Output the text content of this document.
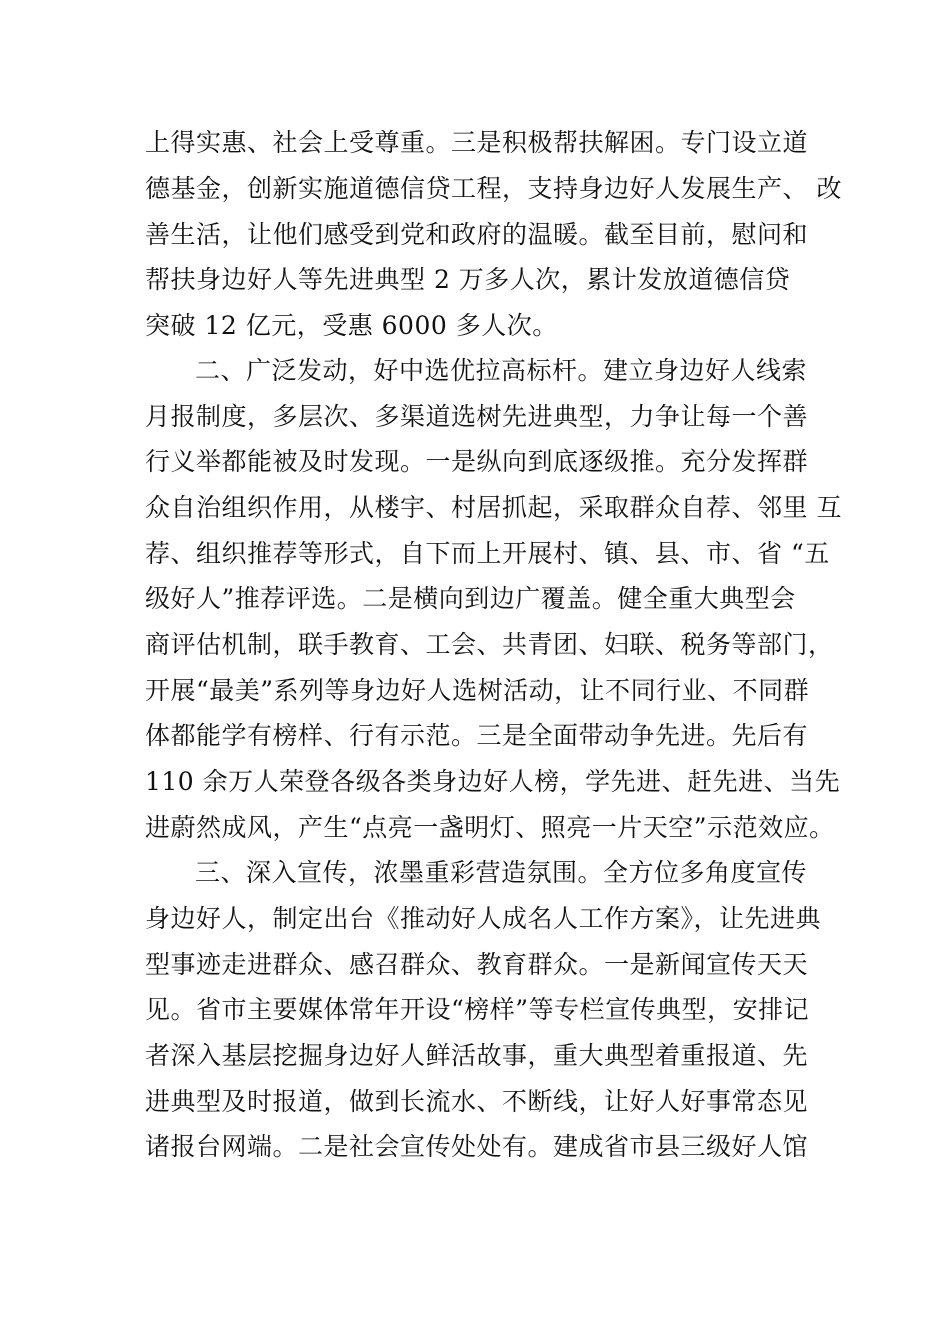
上得实惠、社会上受尊重。三是积极帮扶解困。专门设立道
德基金，创新实施道德信贷工程，支持身边好人发展生产、 改
善生活，让他们感受到党和政府的温暖。截至目前，慰问和
帮扶身边好人等先进典型 2 万多人次，累计发放道德信贷
突破 12 亿元，受惠 6000 多人次。
二、广泛发动，好中选优拉高标杆。建立身边好人线索
月报制度，多层次、多渠道选树先进典型，力争让每一个善
行义举都能被及时发现。一是纵向到底逐级推。充分发挥群
众自治组织作用，从楼宇、村居抓起，采取群众自荐、邻里 互
荐、组织推荐等形式，自下而上开展村、镇、县、市、省 “五
级好人”推荐评选。二是横向到边广覆盖。健全重大典型会
商评估机制，联手教育、工会、共青团、妇联、税务等部门，
开展“最美”系列等身边好人选树活动，让不同行业、不同群
体都能学有榜样、行有示范。三是全面带动争先进。先后有
110 余万人荣登各级各类身边好人榜，学先进、赶先进、当先
进蔚然成风，产生“点亮一盏明灯、照亮一片天空”示范效应。
三、深入宣传，浓墨重彩营造氛围。全方位多角度宣传
身边好人，制定出台《推动好人成名人工作方案》，让先进典
型事迹走进群众、感召群众、教育群众。一是新闻宣传天天
见。省市主要媒体常年开设“榜样”等专栏宣传典型，安排记
者深入基层挖掘身边好人鲜活故事，重大典型着重报道、先
进典型及时报道，做到长流水、不断线，让好人好事常态见
诸报台网端。二是社会宣传处处有。建成省市县三级好人馆
